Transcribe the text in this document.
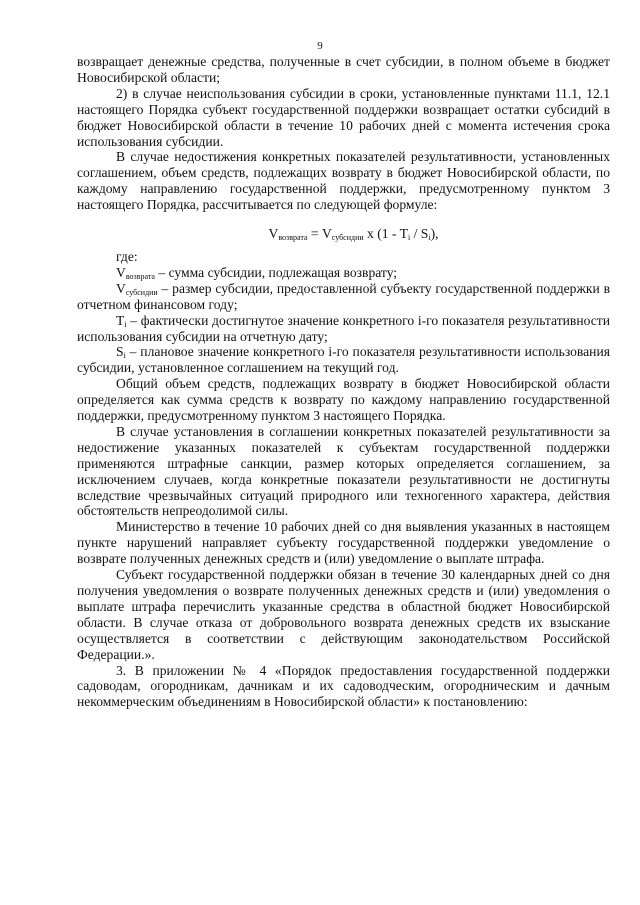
9

возвращает денежные средства, полученные в счет субсидии, в полном объеме в бюджет Новосибирской области;

2) в случае неиспользования субсидии в сроки, установленные пунктами 11.1, 12.1 настоящего Порядка субъект государственной поддержки возвращает остатки субсидий в бюджет Новосибирской области в течение 10 рабочих дней с момента истечения срока использования субсидии.

В случае недостижения конкретных показателей результативности, установленных соглашением, объем средств, подлежащих возврату в бюджет Новосибирской области, по каждому направлению государственной поддержки, предусмотренному пунктом 3 настоящего Порядка, рассчитывается по следующей формуле:

$V_{возврата} = V_{субсидии}$ x $(1 - T_i / S_i)$,

где:

$V_{возврата}$ – сумма субсидии, подлежащая возврату;

$V_{субсидии}$ – размер субсидии, предоставленной субъекту государственной поддержки в отчетном финансовом году;

$T_i$ – фактически достигнутое значение конкретного i-го показателя результативности использования субсидии на отчетную дату;

$S_i$ – плановое значение конкретного i-го показателя результативности использования субсидии, установленное соглашением на текущий год.

Общий объем средств, подлежащих возврату в бюджет Новосибирской области определяется как сумма средств к возврату по каждому направлению государственной поддержки, предусмотренному пунктом 3 настоящего Порядка.

В случае установления в соглашении конкретных показателей результативности за недостижение указанных показателей к субъектам государственной поддержки применяются штрафные санкции, размер которых определяется соглашением, за исключением случаев, когда конкретные показатели результативности не достигнуты вследствие чрезвычайных ситуаций природного или техногенного характера, действия обстоятельств непреодолимой силы.

Министерство в течение 10 рабочих дней со дня выявления указанных в настоящем пункте нарушений направляет субъекту государственной поддержки уведомление о возврате полученных денежных средств и (или) уведомление о выплате штрафа.

Субъект государственной поддержки обязан в течение 30 календарных дней со дня получения уведомления о возврате полученных денежных средств и (или) уведомления о выплате штрафа перечислить указанные средства в областной бюджет Новосибирской области. В случае отказа от добровольного возврата денежных средств их взыскание осуществляется в соответствии с действующим законодательством Российской Федерации.».

3. В приложении № 4 «Порядок предоставления государственной поддержки садоводам, огородникам, дачникам и их садоводческим, огородническим и дачным некоммерческим объединениям в Новосибирской области» к постановлению:
